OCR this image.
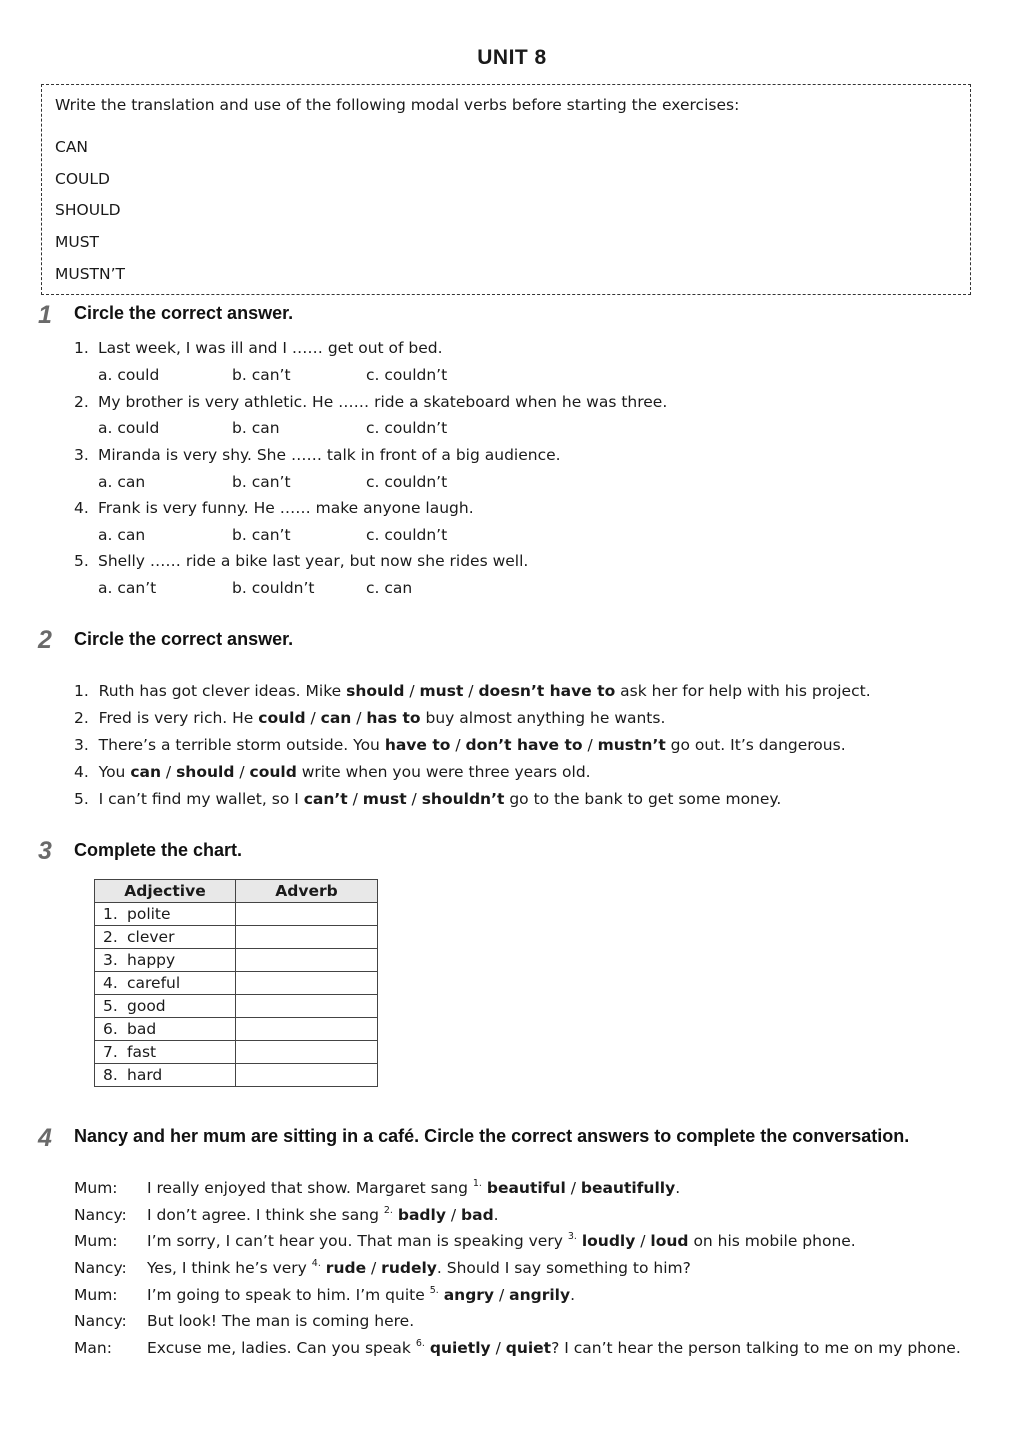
UNIT 8
Write the translation and use of the following modal verbs before starting the exercises:
CAN
COULD
SHOULD
MUST
MUSTN’T
1 Circle the correct answer.
1. Last week, I was ill and I …… get out of bed.
a. could	b. can’t	c. couldn’t
2. My brother is very athletic. He …… ride a skateboard when he was three.
a. could	b. can	c. couldn’t
3. Miranda is very shy. She …… talk in front of a big audience.
a. can	b. can’t	c. couldn’t
4. Frank is very funny. He …… make anyone laugh.
a. can	b. can’t	c. couldn’t
5. Shelly …… ride a bike last year, but now she rides well.
a. can’t	b. couldn’t	c. can
2 Circle the correct answer.
1. Ruth has got clever ideas. Mike should / must / doesn’t have to ask her for help with his project.
2. Fred is very rich. He could / can / has to buy almost anything he wants.
3. There’s a terrible storm outside. You have to / don’t have to / mustn’t go out. It’s dangerous.
4. You can / should / could write when you were three years old.
5. I can’t find my wallet, so I can’t / must / shouldn’t go to the bank to get some money.
3 Complete the chart.
Adjective	Adverb
1. polite	
2. clever	
3. happy	
4. careful	
5. good	
6. bad	
7. fast	
8. hard	
4 Nancy and her mum are sitting in a café. Circle the correct answers to complete the conversation.
Mum: I really enjoyed that show. Margaret sang $^{1.}$ beautiful / beautifully.
Nancy: I don’t agree. I think she sang $^{2.}$ badly / bad.
Mum: I’m sorry, I can’t hear you. That man is speaking very $^{3.}$ loudly / loud on his mobile phone.
Nancy: Yes, I think he’s very $^{4.}$ rude / rudely. Should I say something to him?
Mum: I’m going to speak to him. I’m quite $^{5.}$ angry / angrily.
Nancy: But look! The man is coming here.
Man: Excuse me, ladies. Can you speak $^{6.}$ quietly / quiet? I can’t hear the person talking to me on my phone.
